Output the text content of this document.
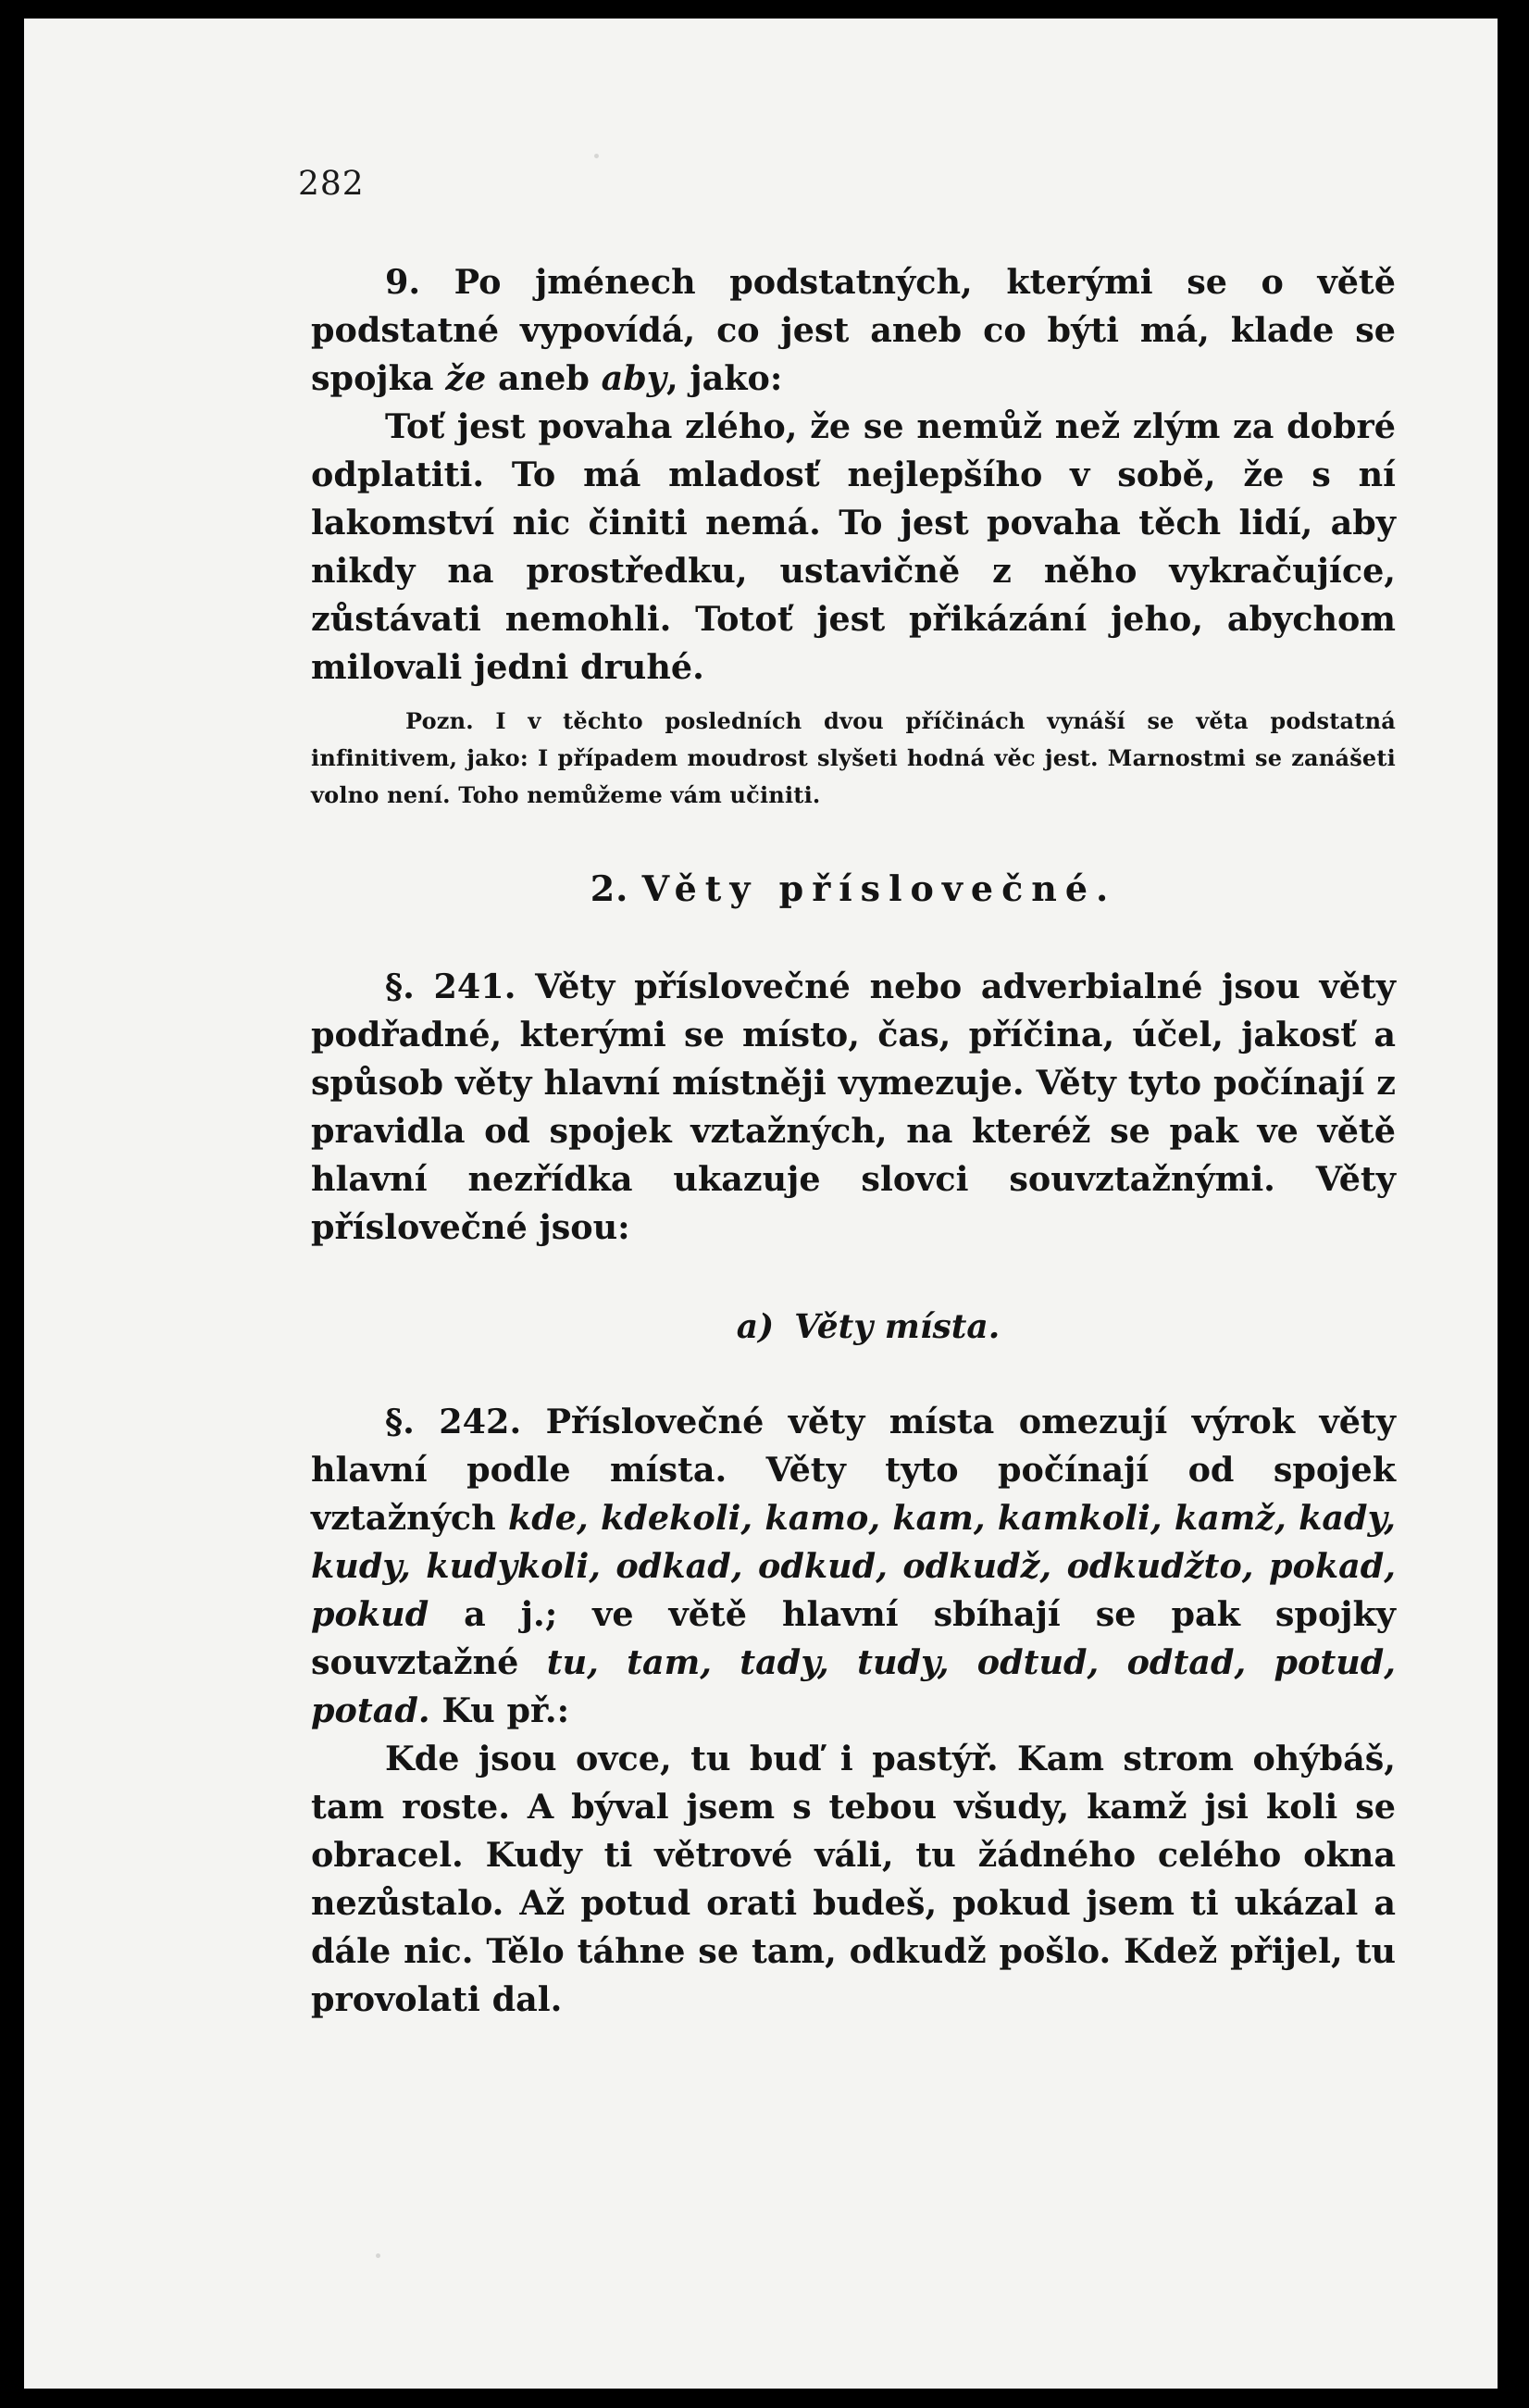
282

9. Po jménech podstatných, kterými se o větě podstatné vypovídá, co jest aneb co býti má, klade se spojka že aneb aby, jako:

Toť jest povaha zlého, že se nemůž než zlým za dobré odplatiti. To má mladosť nejlepšího v sobě, že s ní lakomství nic činiti nemá. To jest povaha těch lidí, aby nikdy na prostředku, ustavičně z něho vykračujíce, zůstávati nemohli. Totoť jest přikázání jeho, abychom milovali jedni druhé.

Pozn. I v těchto posledních dvou příčinách vynáší se věta podstatná infinitivem, jako: I případem moudrost slyšeti hodná věc jest. Marnostmi se zanášeti volno není. Toho nemůžeme vám učiniti.

2. Věty příslovečné.

§. 241. Věty příslovečné nebo adverbialné jsou věty podřadné, kterými se místo, čas, příčina, účel, jakosť a spůsob věty hlavní místněji vymezuje. Věty tyto počínají z pravidla od spojek vztažných, na kteréž se pak ve větě hlavní nezřídka ukazuje slovci souvztažnými. Věty příslovečné jsou:

a) Věty místa.

§. 242. Příslovečné věty místa omezují výrok věty hlavní podle místa. Věty tyto počínají od spojek vztažných kde, kdekoli, kamo, kam, kamkoli, kamž, kady, kudy, kudykoli, odkad, odkud, odkudž, odkudžto, pokad, pokud a j.; ve větě hlavní sbíhají se pak spojky souvztažné tu, tam, tady, tudy, odtud, odtad, potud, potad. Ku př.:

Kde jsou ovce, tu buď i pastýř. Kam strom ohýbáš, tam roste. A býval jsem s tebou všudy, kamž jsi koli se obracel. Kudy ti větrové váli, tu žádného celého okna nezůstalo. Až potud orati budeš, pokud jsem ti ukázal a dále nic. Tělo táhne se tam, odkudž pošlo. Kdež přijel, tu provolati dal.
